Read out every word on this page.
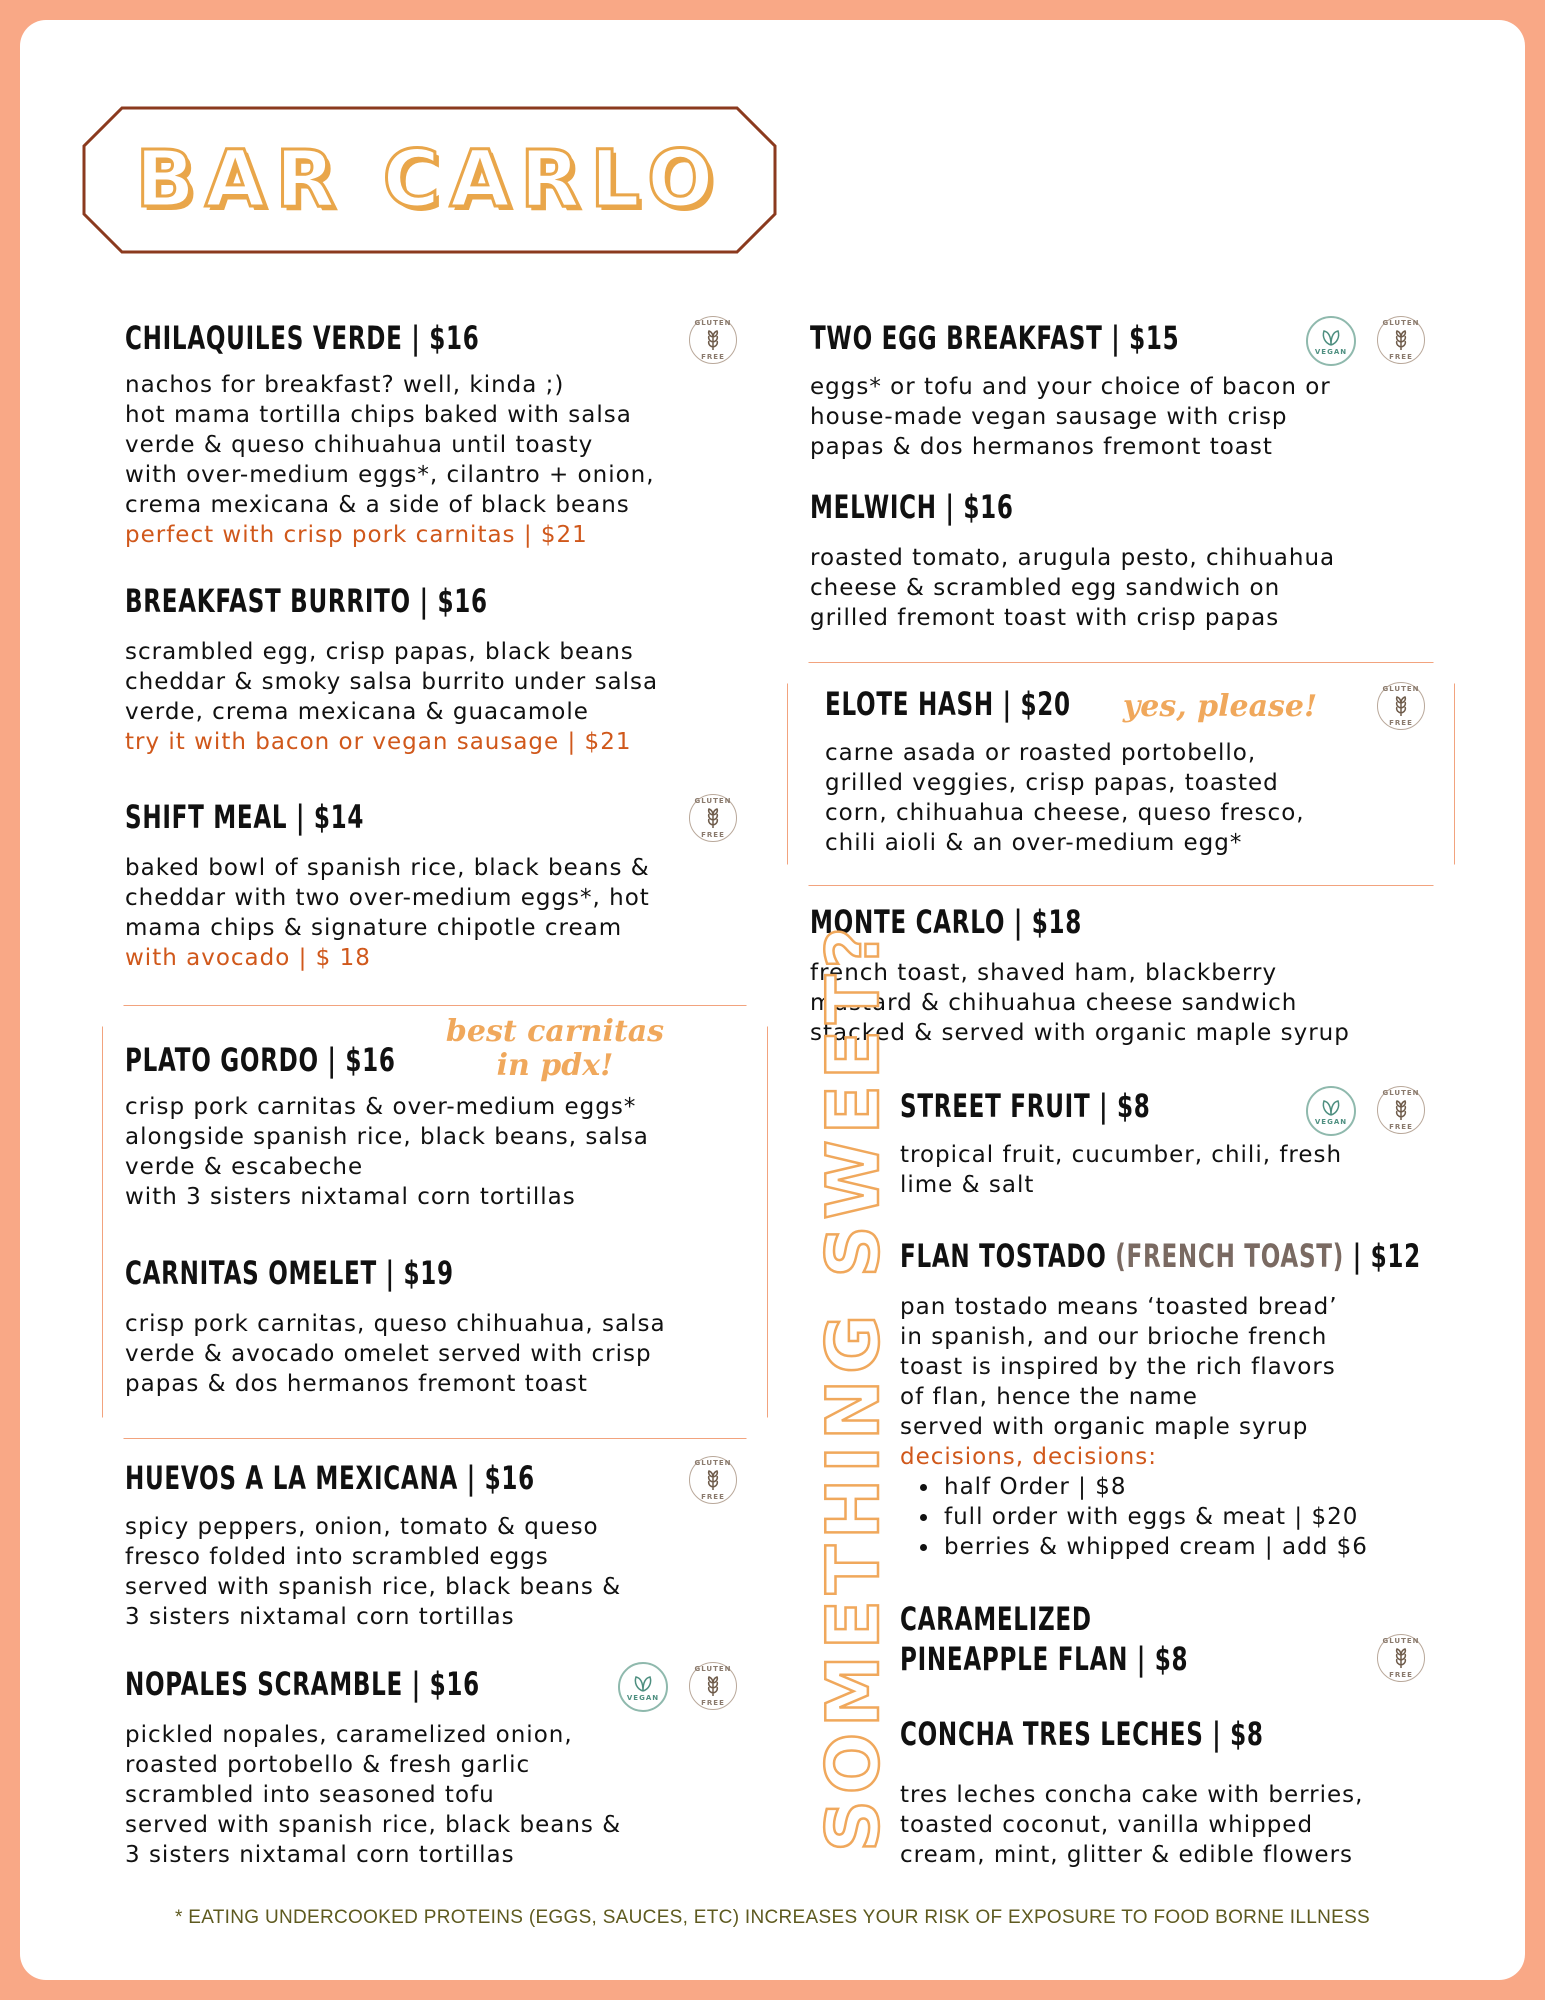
BAR CARLO
CHILAQUILES VERDE | $16
nachos for breakfast? well, kinda ;)
hot mama tortilla chips baked with salsa
verde & queso chihuahua until toasty
with over-medium eggs*, cilantro + onion,
crema mexicana & a side of black beans
perfect with crisp pork carnitas | $21
BREAKFAST BURRITO | $16
scrambled egg, crisp papas, black beans
cheddar & smoky salsa burrito under salsa
verde, crema mexicana & guacamole
try it with bacon or vegan sausage | $21
SHIFT MEAL | $14
baked bowl of spanish rice, black beans &
cheddar with two over-medium eggs*, hot
mama chips & signature chipotle cream
with avocado | $ 18
PLATO GORDO | $16
crisp pork carnitas & over-medium eggs*
alongside spanish rice, black beans, salsa
verde & escabeche
with 3 sisters nixtamal corn tortillas
CARNITAS OMELET | $19
crisp pork carnitas, queso chihuahua, salsa
verde & avocado omelet served with crisp
papas & dos hermanos fremont toast
HUEVOS A LA MEXICANA | $16
spicy peppers, onion, tomato & queso
fresco folded into scrambled eggs
served with spanish rice, black beans &
3 sisters nixtamal corn tortillas
NOPALES SCRAMBLE | $16
pickled nopales, caramelized onion,
roasted portobello & fresh garlic
scrambled into seasoned tofu
served with spanish rice, black beans &
3 sisters nixtamal corn tortillas
TWO EGG BREAKFAST | $15
eggs* or tofu and your choice of bacon or
house-made vegan sausage with crisp
papas & dos hermanos fremont toast
MELWICH | $16
roasted tomato, arugula pesto, chihuahua
cheese & scrambled egg sandwich on
grilled fremont toast with crisp papas
ELOTE HASH | $20
carne asada or roasted portobello,
grilled veggies, crisp papas, toasted
corn, chihuahua cheese, queso fresco,
chili aioli & an over-medium egg*
MONTE CARLO | $18
french toast, shaved ham, blackberry
mustard & chihuahua cheese sandwich
stacked & served with organic maple syrup
SOMETHING SWEET? STREET FRUIT | $8
tropical fruit, cucumber, chili, fresh
lime & salt
FLAN TOSTADO (FRENCH TOAST) | $12
pan tostado means ‘toasted bread’
in spanish, and our brioche french
toast is inspired by the rich flavors
of flan, hence the name
served with organic maple syrup
decisions, decisions:
• half Order | $8
• full order with eggs & meat | $20
• berries & whipped cream | add $6
CARAMELIZED
PINEAPPLE FLAN | $8
CONCHA TRES LECHES | $8
tres leches concha cake with berries,
toasted coconut, vanilla whipped
cream, mint, glitter & edible flowers
yes, please!
best carnitas
in pdx!
GLUTEN
FREE
GLUTEN
FREE
GLUTEN
FREE
GLUTEN
FREE
GLUTEN
FREE
GLUTEN
FREE
GLUTEN
FREE
GLUTEN
FREE
VEGAN
VEGAN
VEGAN
* EATING UNDERCOOKED PROTEINS (EGGS, SAUCES, ETC) INCREASES YOUR RISK OF EXPOSURE TO FOOD BORNE ILLNESS
